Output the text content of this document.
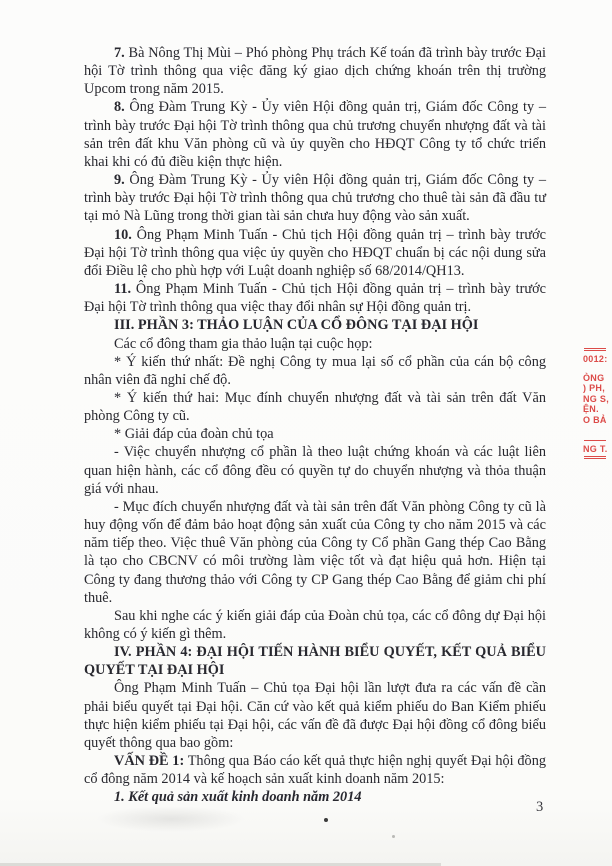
7. Bà Nông Thị Mùi – Phó phòng Phụ trách Kế toán đã trình bày trước Đại hội Tờ trình thông qua việc đăng ký giao dịch chứng khoán trên thị trường Upcom trong năm 2015.

8. Ông Đàm Trung Kỳ - Ủy viên Hội đồng quản trị, Giám đốc Công ty – trình bày trước Đại hội Tờ trình thông qua chủ trương chuyển nhượng đất và tài sản trên đất khu Văn phòng cũ và ủy quyền cho HĐQT Công ty tổ chức triển khai khi có đủ điều kiện thực hiện.

9. Ông Đàm Trung Kỳ - Ủy viên Hội đồng quản trị, Giám đốc Công ty – trình bày trước Đại hội Tờ trình thông qua chủ trương cho thuê tài sản đã đầu tư tại mỏ Nà Lũng trong thời gian tài sản chưa huy động vào sản xuất.

10. Ông Phạm Minh Tuấn - Chủ tịch Hội đồng quản trị – trình bày trước Đại hội Tờ trình thông qua việc ủy quyền cho HĐQT chuẩn bị các nội dung sửa đổi Điều lệ cho phù hợp với Luật doanh nghiệp số 68/2014/QH13.

11. Ông Phạm Minh Tuấn - Chủ tịch Hội đồng quản trị – trình bày trước Đại hội Tờ trình thông qua việc thay đổi nhân sự Hội đồng quản trị.

III. PHẦN 3: THẢO LUẬN CỦA CỔ ĐÔNG TẠI ĐẠI HỘI

Các cổ đông tham gia thảo luận tại cuộc họp:

* Ý kiến thứ nhất: Đề nghị Công ty mua lại số cổ phần của cán bộ công nhân viên đã nghỉ chế độ.

* Ý kiến thứ hai: Mục đính chuyển nhượng đất và tài sản trên đất Văn phòng Công ty cũ.

* Giải đáp của đoàn chủ tọa

- Việc chuyển nhượng cổ phần là theo luật chứng khoán và các luật liên quan hiện hành, các cổ đông đều có quyền tự do chuyển nhượng và thỏa thuận giá với nhau.

- Mục đích chuyển nhượng đất và tài sản trên đất Văn phòng Công ty cũ là huy động vốn để đảm bảo hoạt động sản xuất của Công ty cho năm 2015 và các năm tiếp theo. Việc thuê Văn phòng của Công ty Cổ phần Gang thép Cao Bằng là tạo cho CBCNV có môi trường làm việc tốt và đạt hiệu quả hơn. Hiện tại Công ty đang thương thảo với Công ty CP Gang thép Cao Bằng để giảm chi phí thuê.

Sau khi nghe các ý kiến giải đáp của Đoàn chủ tọa, các cổ đông dự Đại hội không có ý kiến gì thêm.

IV. PHẦN 4: ĐẠI HỘI TIẾN HÀNH BIỂU QUYẾT, KẾT QUẢ BIỂU QUYẾT TẠI ĐẠI HỘI

Ông Phạm Minh Tuấn – Chủ tọa Đại hội lần lượt đưa ra các vấn đề cần phải biểu quyết tại Đại hội. Căn cứ vào kết quả kiểm phiếu do Ban Kiểm phiếu thực hiện kiểm phiếu tại Đại hội, các vấn đề đã được Đại hội đồng cổ đông biểu quyết thông qua bao gồm:

VẤN ĐỀ 1: Thông qua Báo cáo kết quả thực hiện nghị quyết Đại hội đồng cổ đông năm 2014 và kế hoạch sản xuất kinh doanh năm 2015:

1. Kết quả sản xuất kinh doanh năm 2014

0012:
ÒNG
) PH,
NG S,
ỆN.
O BẢ
NG T.
3
